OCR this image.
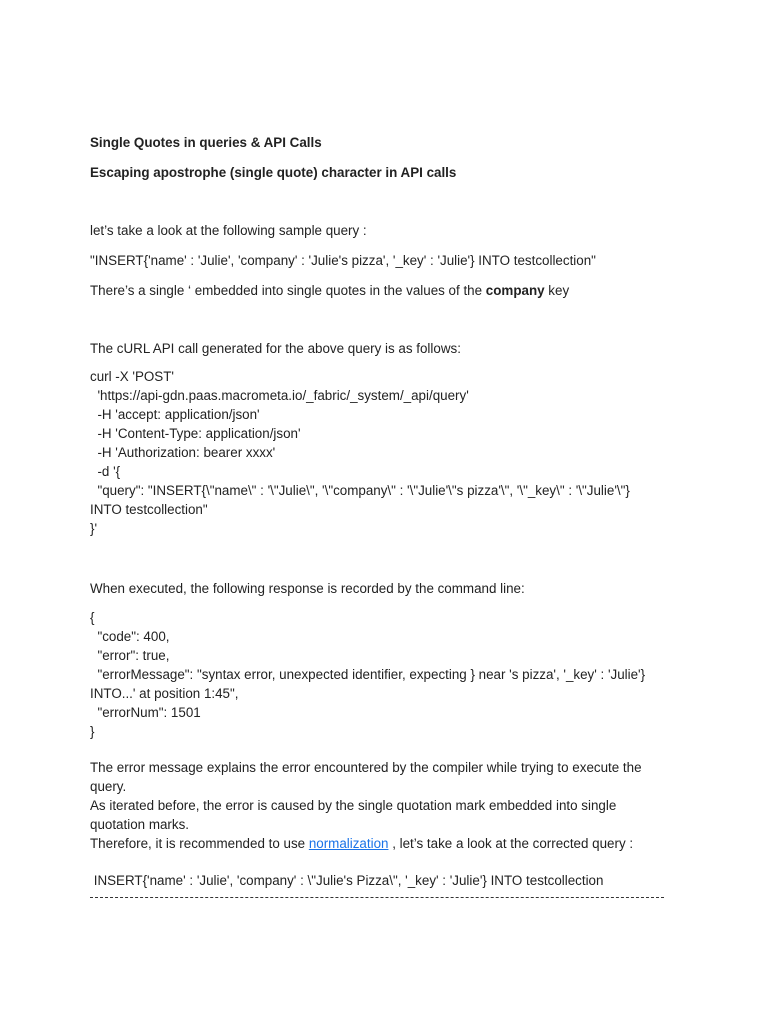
Single Quotes in queries & API Calls
Escaping apostrophe (single quote) character in API calls
let’s take a look at the following sample query :
"INSERT{'name' : 'Julie', 'company' : 'Julie's pizza', '_key' : 'Julie'} INTO testcollection"
There’s a single ‘ embedded into single quotes in the values of the company key
The cURL API call generated for the above query is as follows:
curl -X 'POST'
'https://api-gdn.paas.macrometa.io/_fabric/_system/_api/query'
-H 'accept: application/json'
-H 'Content-Type: application/json'
-H 'Authorization: bearer xxxx'
-d '{
"query": "INSERT{\"name\" : '\"Julie\", '\"company\" : '\"Julie'\"s pizza'\", '\"_key\" : '\"Julie'\"}
INTO testcollection"
}'
When executed, the following response is recorded by the command line:
{
"code": 400,
"error": true,
"errorMessage": "syntax error, unexpected identifier, expecting } near 's pizza', '_key' : 'Julie'}
INTO...' at position 1:45",
"errorNum": 1501
}
The error message explains the error encountered by the compiler while trying to execute the
query.
As iterated before, the error is caused by the single quotation mark embedded into single
quotation marks.
Therefore, it is recommended to use normalization , let’s take a look at the corrected query :
INSERT{'name' : 'Julie', 'company' : \"Julie's Pizza\", '_key' : 'Julie'} INTO testcollection
